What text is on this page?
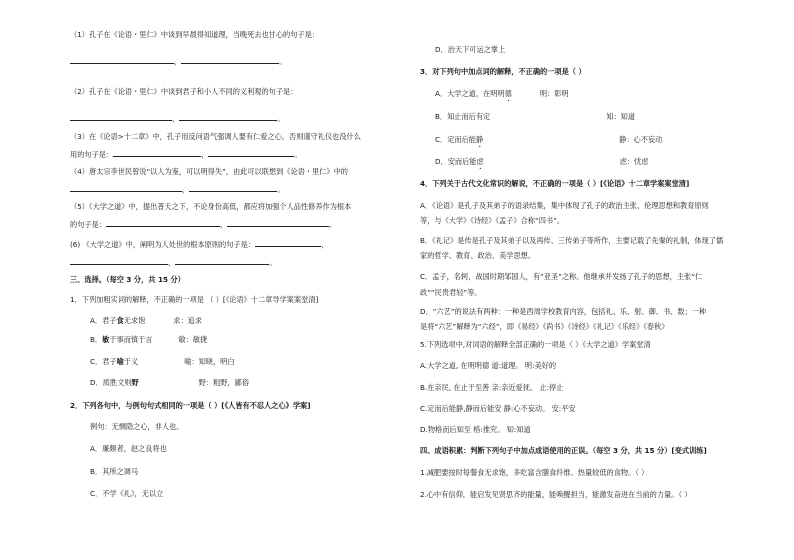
（1）孔子在《论语・里仁》中谈到早晨得知道理，当晚死去也甘心的句子是：
，	。
（2）孔子在《论语・里仁》中谈到君子和小人不同的义利观的句子是：
，	。
（3）在《论语>十二章》中，孔子用反问语气强调人要有仁爱之心，否则谨守礼仪也没什么
用的句子是：	，	。
（4）唐太宗李世民曾说“以人为鉴，可以明得失”，由此可以联想到《论语・里仁》中的
，	。
（5）《大学之道》中，提出普天之下，不论身份高低，都应将加强个人品性修养作为根本
的句子是：	，	。
(6) 《大学之道》中，阐明为人处世的根本原则的句子是：	，
，	。
三、选择。（每空 3 分，共 15 分）
1．下列加粗实词的解释，不正确的一项是 （ ）[《论语》十二章导学案案堂清]
A．君子食无求饱	求：追求
B．敏于事而慎于言	敏：敏捷
C．君子喻于义	喻：知晓，明白
D．质胜文则野	野：粗野，鄙俗
2．下列各句中，与例句句式相同的一项是（ ）[《人皆有不忍人之心》学案]
例句：无恻隐之心，非人也。
A．廉颇者，赵之良将也
B．其所之调马
C．不学《礼》，无以立
D．治天下可运之掌上
3．对下列句中加点词的解释，不正确的一项是（ ）
A．大学之道，在明明德	明：彰明
B．知止而后有定	知：知道
C．定而后能静	静：心不妄动
D．安而后能虑	虑：忧虑
4．下列关于古代文化常识的解说，不正确的一项是（ ）[《论语》十二章学案案堂清]
A．《论语》是孔子及其弟子的语录结集，集中体现了孔子的政治主张、伦理思想和教育原则
等，与《大学》《诗经》《孟子》合称“四书”。
B．《礼记》是传是孔子及其弟子以及再传、三传弟子等所作，主要记载了先秦的礼制，体现了儒
家的哲学、教育、政治、美学思想。
C．孟子，名轲，战国时期邹国人，有“亚圣”之称。他继承并发扬了孔子的思想，主张“仁
政”“民贵君轻”等。
D．“六艺”的说法有两种：一种是西周学校教育内容，包括礼、乐、射、御、书、数；一种
是将“六艺”解释为“六经”，即《易经》《尚书》《诗经》《礼记》《乐经》《春秋》
5.下列选项中,对词语的解释全部正确的一项是（ ）《大学之道》学案堂清
A.大学之道, 在明明德 道:道理。 明:美好的
B.在亲民, 在止于至善 亲:亲近爱抚。 止:停止
C.定而后能静,静而后能安 静:心不妄动。 安:平安
D.物格而后知至 格:推究。 知:知道
四、成语积累：判断下列句子中加点成语使用的正误。（每空 3 分，共 15 分）[变式训练]
1.减肥要按时每餐食无求饱，多吃富含膳食纤维、热量较低的食物。（ ）
2.心中有信仰，能启发见贤思齐的能量，能唤醒担当，能激发奋进在当前的力量。（ ）
